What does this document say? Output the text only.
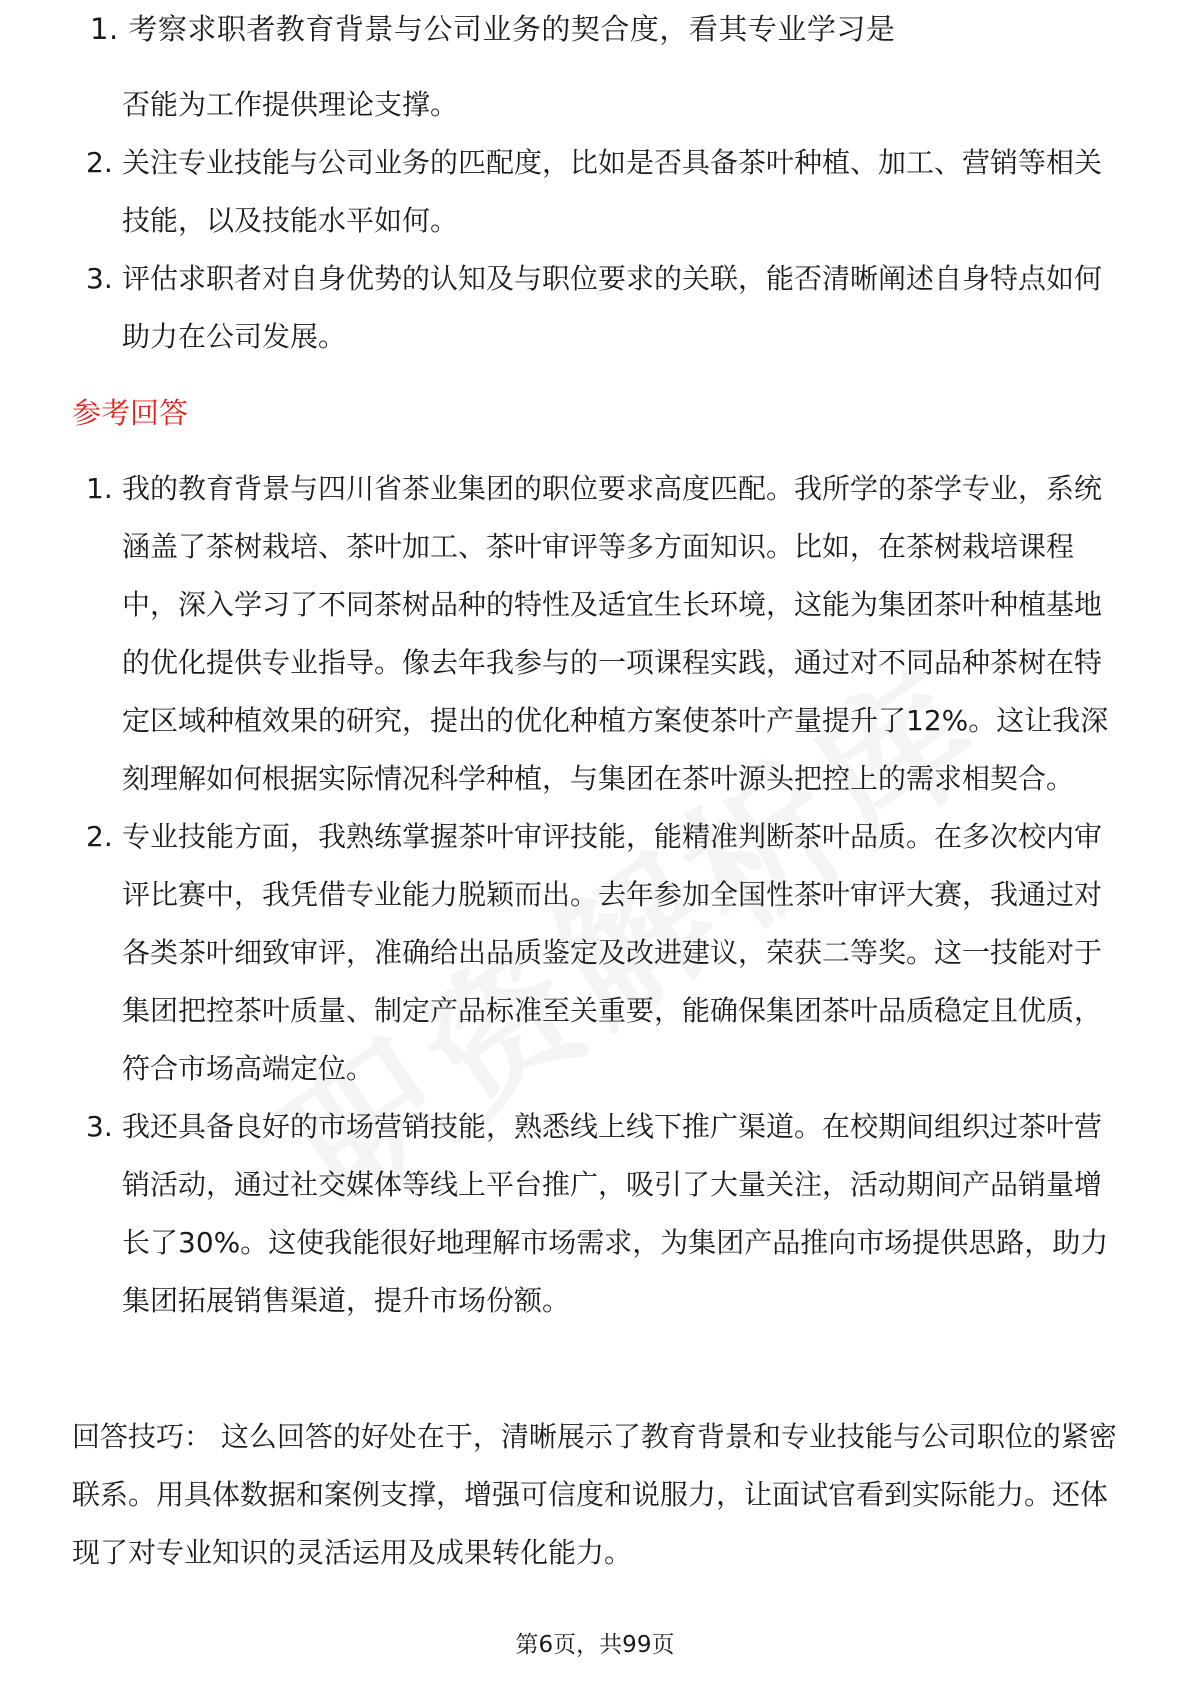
1. 考察求职者教育背景与公司业务的契合度，看其专业学习是
否能为工作提供理论支撑。
2. 关注专业技能与公司业务的匹配度，比如是否具备茶叶种植、加工、营销等相关技能，以及技能水平如何。
3. 评估求职者对自身优势的认知及与职位要求的关联，能否清晰阐述自身特点如何助力在公司发展。
参考回答
1. 我的教育背景与四川省茶业集团的职位要求高度匹配。我所学的茶学专业，系统涵盖了茶树栽培、茶叶加工、茶叶审评等多方面知识。比如，在茶树栽培课程中，深入学习了不同茶树品种的特性及适宜生长环境，这能为集团茶叶种植基地的优化提供专业指导。像去年我参与的一项课程实践，通过对不同品种茶树在特定区域种植效果的研究，提出的优化种植方案使茶叶产量提升了12%。这让我深刻理解如何根据实际情况科学种植，与集团在茶叶源头把控上的需求相契合。
2. 专业技能方面，我熟练掌握茶叶审评技能，能精准判断茶叶品质。在多次校内审评比赛中，我凭借专业能力脱颖而出。去年参加全国性茶叶审评大赛，我通过对各类茶叶细致审评，准确给出品质鉴定及改进建议，荣获二等奖。这一技能对于集团把控茶叶质量、制定产品标准至关重要，能确保集团茶叶品质稳定且优质，符合市场高端定位。
3. 我还具备良好的市场营销技能，熟悉线上线下推广渠道。在校期间组织过茶叶营销活动，通过社交媒体等线上平台推广，吸引了大量关注，活动期间产品销量增长了30%。这使我能很好地理解市场需求，为集团产品推向市场提供思路，助力集团拓展销售渠道，提升市场份额。
回答技巧： 这么回答的好处在于，清晰展示了教育背景和专业技能与公司职位的紧密联系。用具体数据和案例支撑，增强可信度和说服力，让面试官看到实际能力。还体现了对专业知识的灵活运用及成果转化能力。
第6页，共99页
